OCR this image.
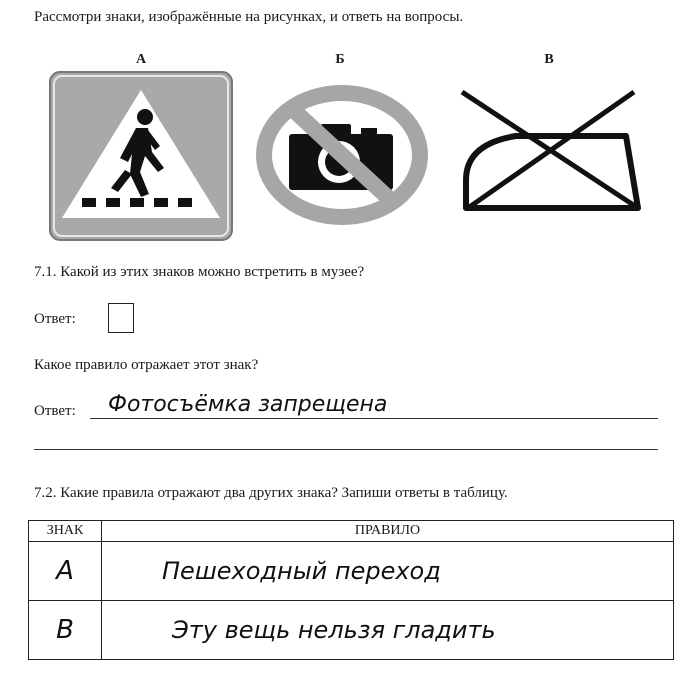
Рассмотри знаки, изображённые на рисунках, и ответь на вопросы.
А	Б	В
7.1. Какой из этих знаков можно встретить в музее?
Ответ:
Какое правило отражает этот знак?
Ответ: Фотосъёмка запрещена
7.2. Какие правила отражают два других знака? Запиши ответы в таблицу.
ЗНАК	ПРАВИЛО
А	Пешеходный переход
В	Эту вещь нельзя гладить
